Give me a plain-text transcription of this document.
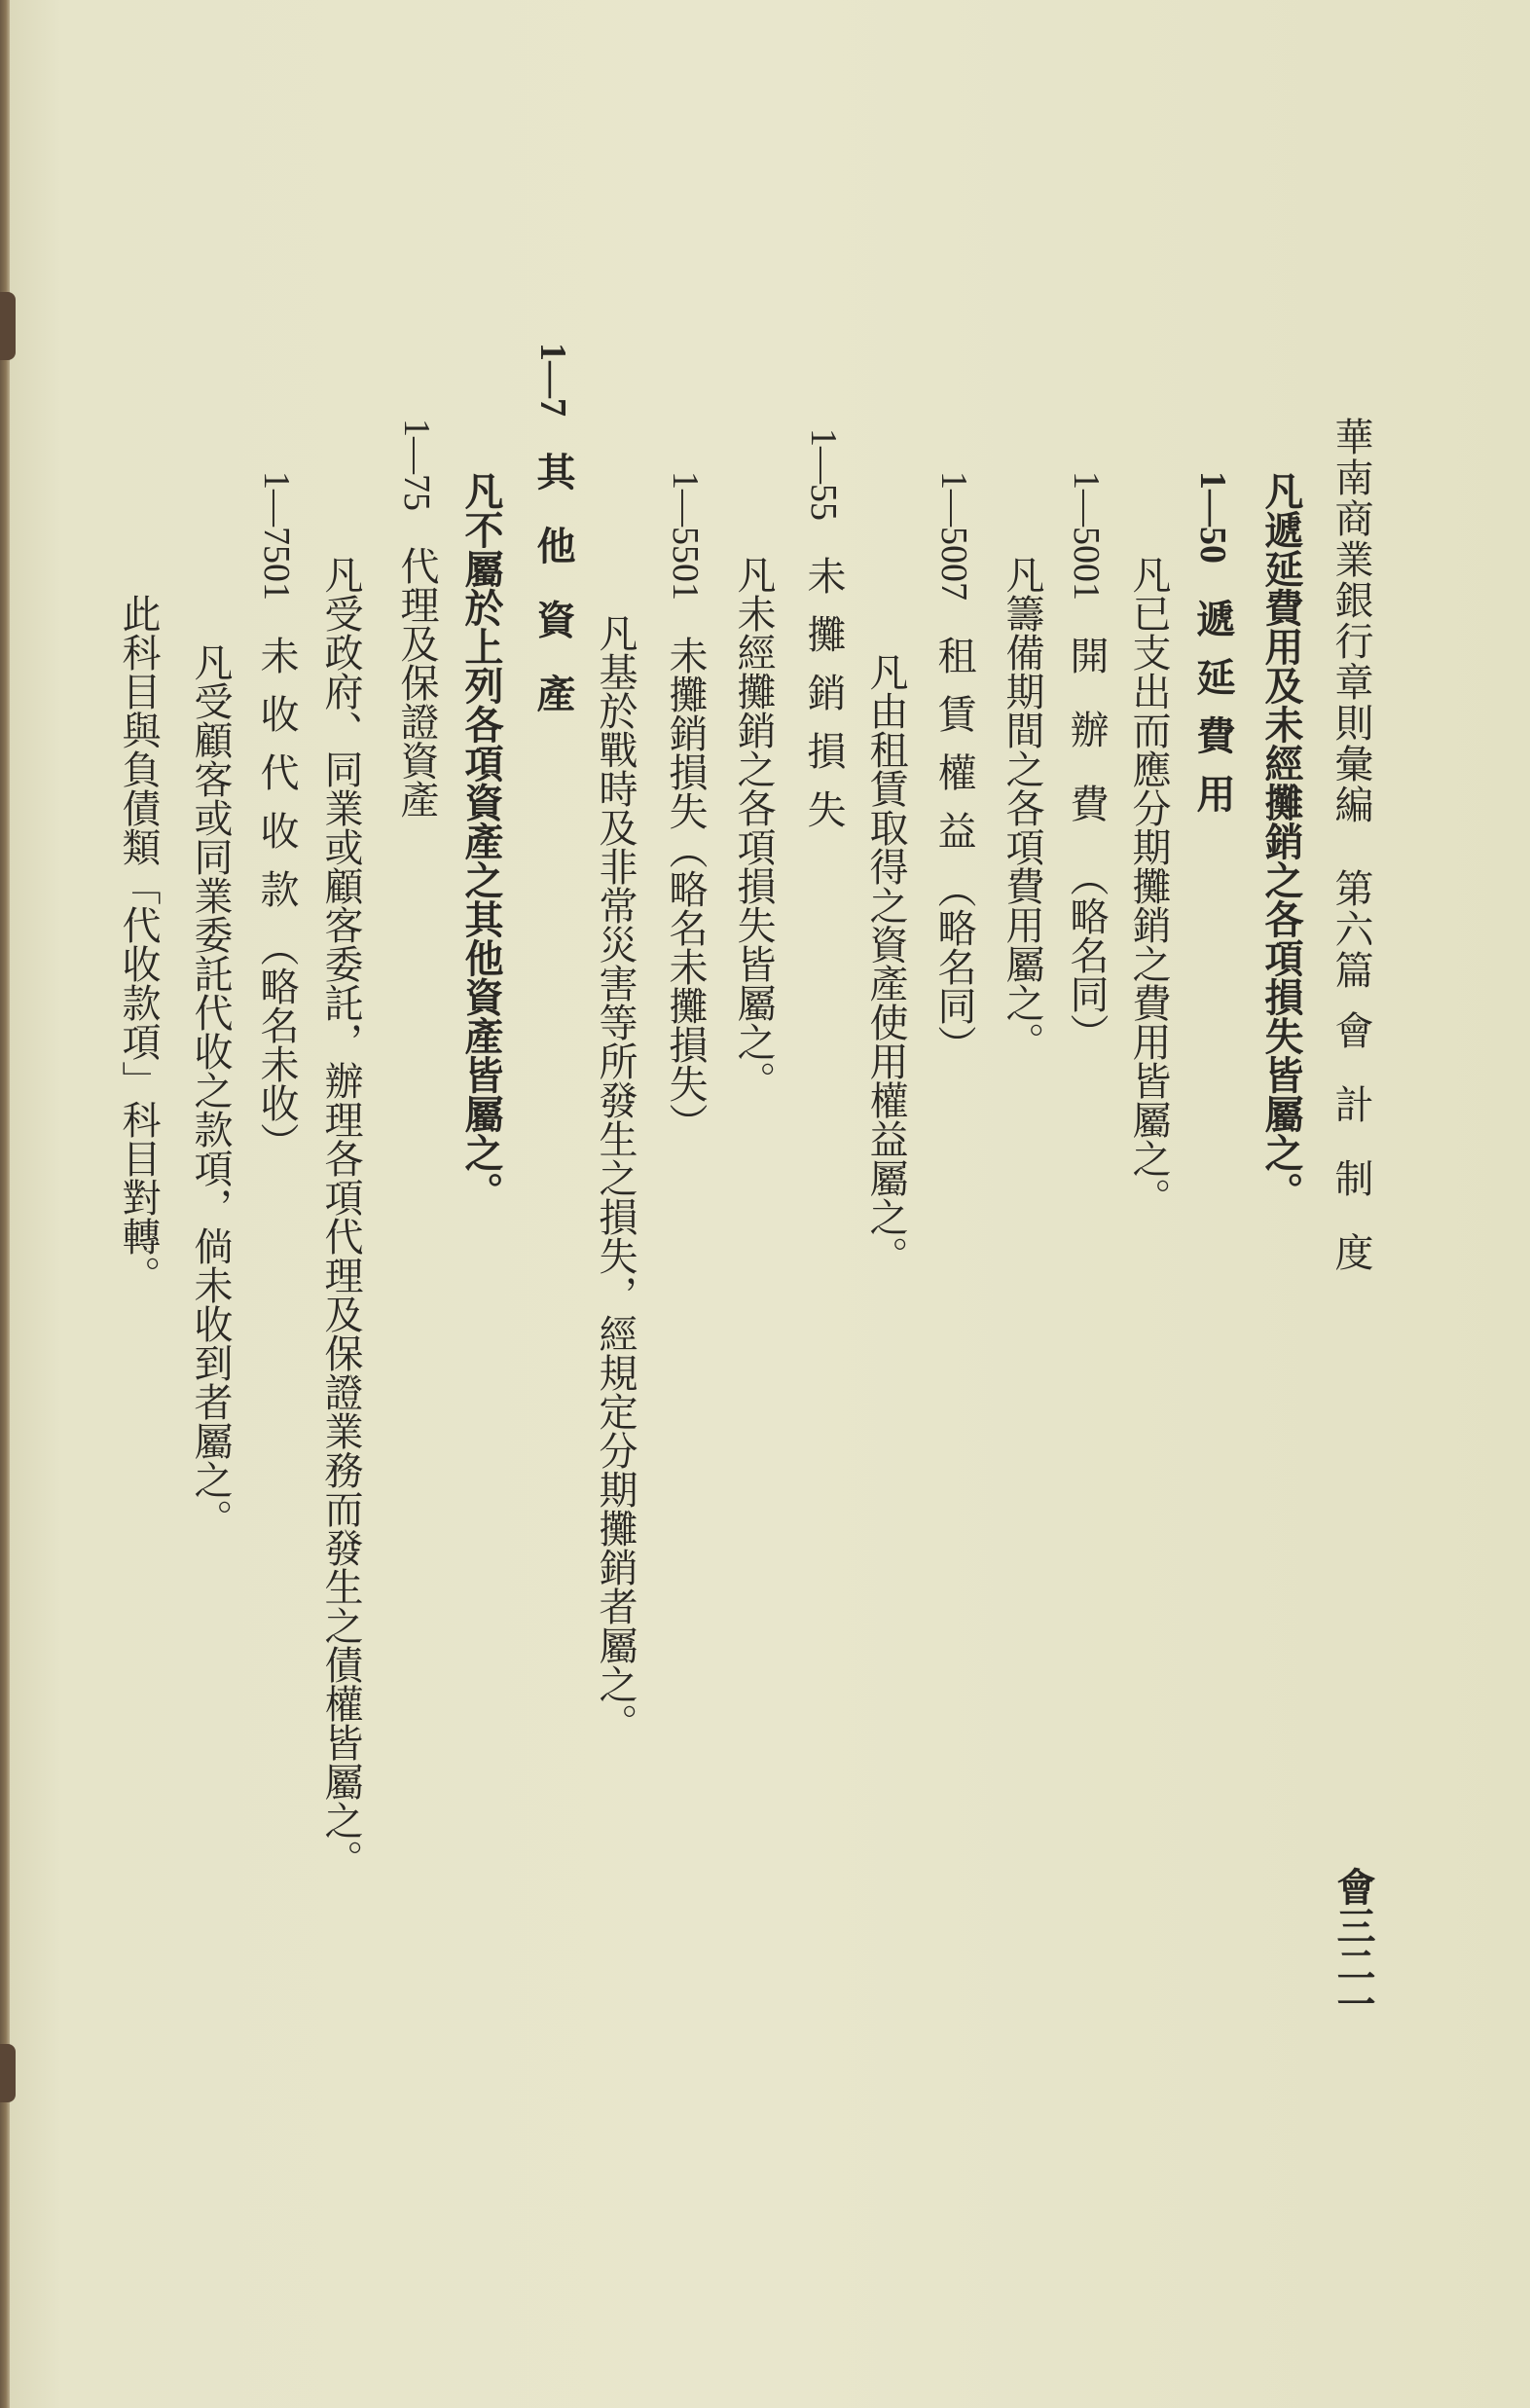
華南商業銀行章則彙編第六篇會計制度
凡遞延費用及未經攤銷之各項損失皆屬之。
1—50遞延費用
凡已支出而應分期攤銷之費用皆屬之。
1—5001開辦費（略名同）
凡籌備期間之各項費用屬之。
1—5007租賃權益（略名同）
凡由租賃取得之資產使用權益屬之。
1—55未攤銷損失
凡未經攤銷之各項損失皆屬之。
1—5501未攤銷損失（略名未攤損失）
凡基於戰時及非常災害等所發生之損失，經規定分期攤銷者屬之。
1—7其他資產
凡不屬於上列各項資產之其他資產皆屬之。
1—75代理及保證資產
凡受政府、同業或顧客委託，辦理各項代理及保證業務而發生之債權皆屬之。
1—7501未收代收款（略名未收）
凡受顧客或同業委託代收之款項，倘未收到者屬之。
此科目與負債類「代收款項」科目對轉。
會三二一
